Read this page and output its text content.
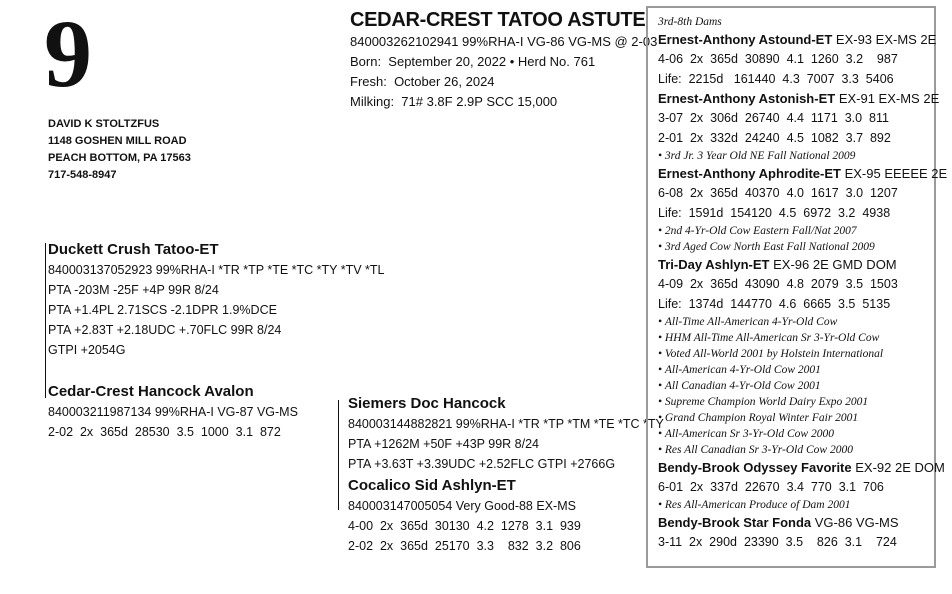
9
DAVID K STOLTZFUS
1148 GOSHEN MILL ROAD
PEACH BOTTOM, PA 17563
717-548-8947
CEDAR-CREST TATOO ASTUTE
840003262102941 99%RHA-I VG-86 VG-MS @ 2-03
Born:  September 20, 2022 • Herd No. 761
Fresh:  October 26, 2024
Milking:  71# 3.8F 2.9P SCC 15,000
Duckett Crush Tatoo-ET
840003137052923 99%RHA-I *TR *TP *TE *TC *TY *TV *TL
PTA -203M -25F +4P 99R 8/24
PTA +1.4PL 2.71SCS -2.1DPR 1.9%DCE
PTA +2.83T +2.18UDC +.70FLC 99R 8/24
GTPI +2054G
Cedar-Crest Hancock Avalon
840003211987134 99%RHA-I VG-87 VG-MS
2-02  2x  365d  28530  3.5  1000  3.1  872
Siemers Doc Hancock
840003144882821 99%RHA-I *TR *TP *TM *TE *TC *TY
PTA +1262M +50F +43P 99R 8/24
PTA +3.63T +3.39UDC +2.52FLC GTPI +2766G
Cocalico Sid Ashlyn-ET
840003147005054 Very Good-88 EX-MS
4-00  2x  365d  30130  4.2  1278  3.1  939
2-02  2x  365d  25170  3.3    832  3.2  806
3rd-8th Dams
Ernest-Anthony Astound-ET EX-93 EX-MS 2E
4-06  2x  365d  30890  4.1  1260  3.2    987
Life:  2215d   161440  4.3  7007  3.3  5406
Ernest-Anthony Astonish-ET EX-91 EX-MS 2E
3-07  2x  306d  26740  4.4  1171  3.0  811
2-01  2x  332d  24240  4.5  1082  3.7  892
• 3rd Jr. 3 Year Old NE Fall National 2009
Ernest-Anthony Aphrodite-ET EX-95 EEEEE 2E
6-08  2x  365d  40370  4.0  1617  3.0  1207
Life:  1591d  154120  4.5  6972  3.2  4938
• 2nd 4-Yr-Old Cow Eastern Fall/Nat 2007
• 3rd Aged Cow North East Fall National 2009
Tri-Day Ashlyn-ET EX-96 2E GMD DOM
4-09  2x  365d  43090  4.8  2079  3.5  1503
Life:  1374d  144770  4.6  6665  3.5  5135
• All-Time All-American 4-Yr-Old Cow
• HHM All-Time All-American Sr 3-Yr-Old Cow
• Voted All-World 2001 by Holstein International
• All-American 4-Yr-Old Cow 2001
• All Canadian 4-Yr-Old Cow 2001
• Supreme Champion World Dairy Expo 2001
• Grand Champion Royal Winter Fair 2001
• All-American Sr 3-Yr-Old Cow 2000
• Res All Canadian Sr 3-Yr-Old Cow 2000
Bendy-Brook Odyssey Favorite EX-92 2E DOM
6-01  2x  337d  22670  3.4  770  3.1  706
• Res All-American Produce of Dam 2001
Bendy-Brook Star Fonda VG-86 VG-MS
3-11  2x  290d  23390  3.5    826  3.1    724
